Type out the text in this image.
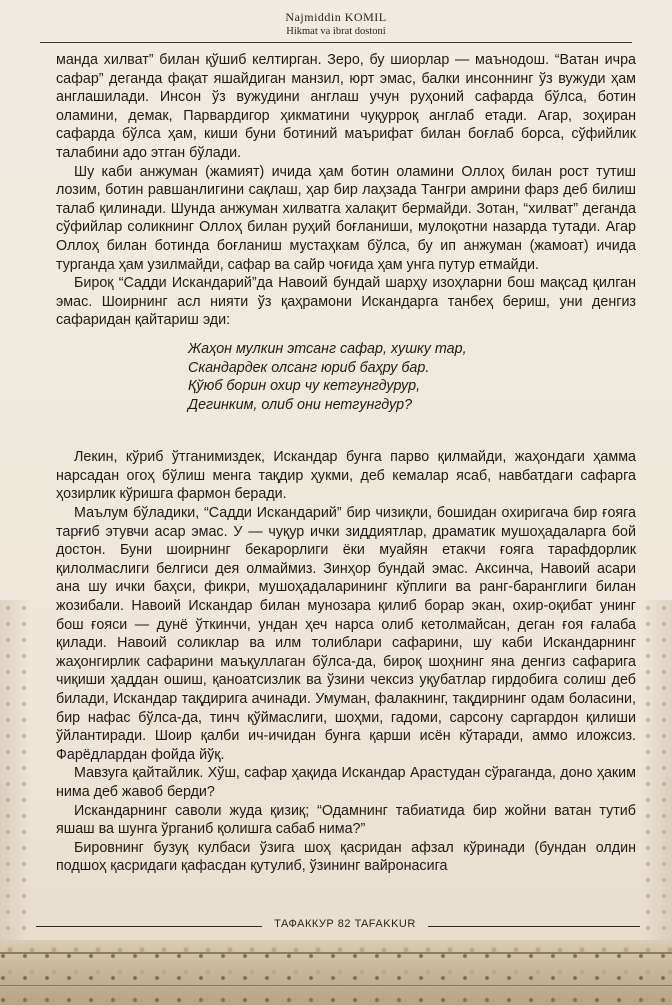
Najmiddin KOMIL
Hikmat va ibrat dostoni

манда хилват” билан қўшиб келтирган. Зеро, бу шиорлар — маънодош. “Ватан ичра сафар” деганда фақат яшайдиган манзил, юрт эмас, балки инсоннинг ўз вужуди ҳам англашилади. Инсон ўз вужудини англаш учун руҳоний сафарда бўлса, ботин оламини, демак, Парвардигор ҳикматини чуқуррoқ англаб етади. Агар, зоҳиран сафарда бўлса ҳам, киши буни ботиний маърифат билан боғлаб борса, сўфийлик талабини адо этган бўлади.

Шу каби анжуман (жамият) ичида ҳам ботин оламини Оллоҳ билан рост тутиш лозим, ботин равшанлигини сақлаш, ҳар бир лаҳзада Тангри амрини фарз деб билиш талаб қилинади. Шунда анжуман хилватга халақит бермайди. Зотан, “хилват” деганда сўфийлар соликнинг Оллоҳ билан руҳий боғланиши, мулоқотни назарда тутади. Агар Оллоҳ билан ботинда боғланиш мустаҳкам бўлса, бу ип анжуман (жамоат) ичида турганда ҳам узилмайди, сафар ва сайр чоғида ҳам унга путур етмайди.

Бироқ “Садди Искандарий”да Навоий бундай шарҳу изоҳларни бош мақсад қилган эмас. Шоирнинг асл нияти ўз қаҳрамони Искандарга танбеҳ бериш, уни денгиз сафаридан қайтариш эди:

Жаҳон мулкин этсанг сафар, хушку тар,
Скандардек олсанг юриб баҳру бар.
Қўюб борин охир чу кетгунгдурур,
Дегинким, олиб они нетгунгдур?

Лекин, кўриб ўтганимиздек, Искандар бунга парво қилмайди, жаҳондаги ҳамма нарсадан огоҳ бўлиш менга тақдир ҳукми, деб кемалар ясаб, навбатдаги сафарга ҳозирлик кўришга фармон беради.

Маълум бўладики, “Садди Искандарий” бир чизиқли, бошидан охиригача бир ғояга тарғиб этувчи асар эмас. У — чуқур ички зиддиятлар, драматик мушоҳадаларга бой достон. Буни шоирнинг бекарорлиги ёки муайян етакчи ғояга тарафдорлик қилолмаслиги белгиси дея олмаймиз. Зинҳор бундай эмас. Аксинча, Навоий асари ана шу ички баҳси, фикри, мушоҳадаларининг кўплиги ва ранг-баранглиги билан жозибали. Навоий Искандар билан мунозара қилиб борар экан, охир-оқибат унинг бош ғояси — дунё ўткинчи, ундан ҳеч нарса олиб кетолмайсан, деган ғоя ғалаба қилади. Навоий соликлар ва илм толиблари сафарини, шу каби Искандарнинг жаҳонгирлик сафарини маъқуллаган бўлса-да, бироқ шоҳнинг яна денгиз сафарига чиқиши ҳаддан ошиш, қаноатсизлик ва ўзини чексиз уқубатлар гирдобига солиш деб билади, Искандар тақдирига ачинади. Умуман, фалакнинг, тақдирнинг одам боласини, бир нафас бўлса-да, тинч қўймаслиги, шоҳми, гадоми, сарсону саргардон қилиши ўйлантиради. Шоир қалби ич-ичидан бунга қарши исён кўтаради, аммо иложсиз. Фарёдлардан фойда йўқ.

Мавзуга қайтайлик. Хўш, сафар ҳақида Искандар Арастудан сўраганда, доно ҳаким нима деб жавоб берди?

Искандарнинг саволи жуда қизиқ; “Одамнинг табиатида бир жойни ватан тутиб яшаш ва шунга ўрганиб қолишга сабаб нима?”

Бировнинг бузуқ кулбаси ўзига шоҳ қасридан афзал кўринади (бундан олдин подшоҳ қасридаги қафасдан қутулиб, ўзининг вайронасига

ТАФАККУР 82 TAFAKKUR
